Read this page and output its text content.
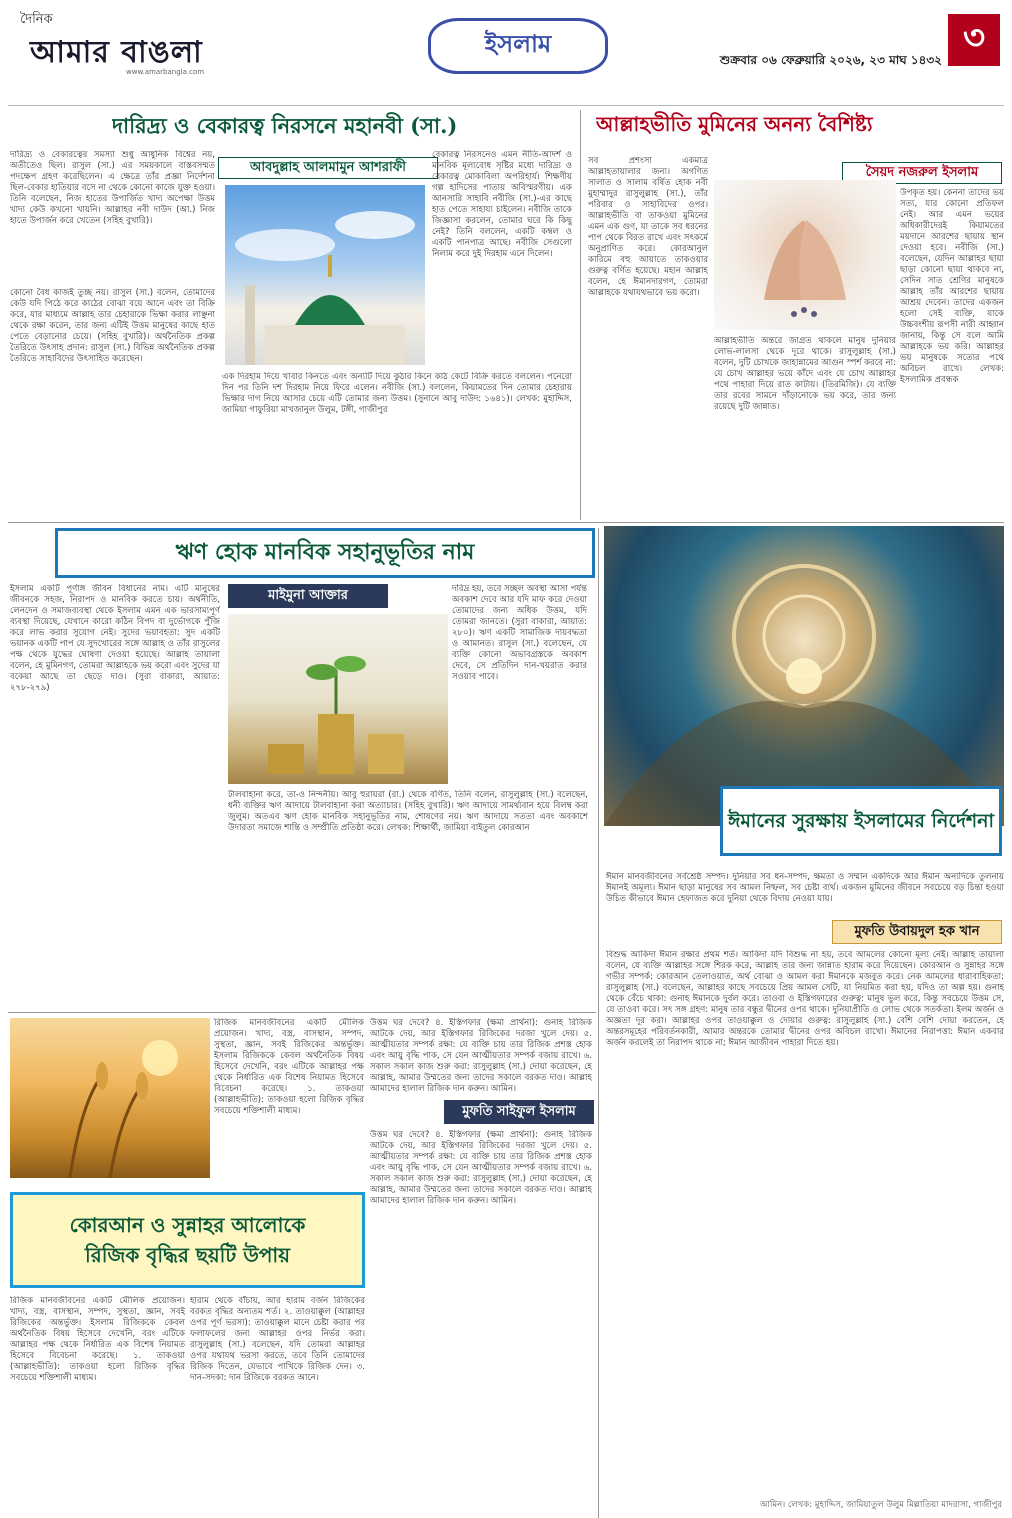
দৈনিক
আমার বাঙলা
www.amarbangla.com
ইসলাম
শুক্রবার ০৬ ফেব্রুয়ারি ২০২৬, ২৩ মাঘ ১৪৩২
৩
দারিদ্র্য ও বেকারত্ব নিরসনে মহানবী (সা.)
আবদুল্লাহ আলমামুন আশরাফী
দারিদ্র্য ও বেকারত্বের সমস্যা শুধু আধুনিক বিশ্বের নয়, অতীতেও ছিল। রাসুল (সা.) এর সময়কালে বাস্তবসম্মত পদক্ষেপ গ্রহণ করেছিলেন। এ ক্ষেত্রে তাঁর প্রজ্ঞা নির্দেশনা ছিল-বেকার হাতিয়ার বসে না থেকে কোনো কাজে যুক্ত হওয়া। তিনি বলেছেন, নিজ হাতের উপার্জিত খাদ্য অপেক্ষা উত্তম খাদ্য কেউ কখনো খায়নি। আল্লাহর নবী দাউদ (আ.) নিজ হাতে উপার্জন করে খেতেন (সহিহ বুখারি)।
কোনো বৈধ কাজই তুচ্ছ নয়। রাসুল (সা.) বলেন, তোমাদের কেউ যদি পিঠে করে কাঠের বোঝা বয়ে আনে এবং তা বিক্রি করে, যার মাধ্যমে আল্লাহ তার চেহারাকে ভিক্ষা করার লাঞ্ছনা থেকে রক্ষা করেন, তার জন্য এটিই উত্তম মানুষের কাছে হাত পেতে বেড়ানোর চেয়ে। (সহিহ বুখারি)। অর্থনৈতিক প্রকল্প তৈরিতে উৎসাহ প্রদান: রাসুল (সা.) বিভিন্ন অর্থনৈতিক প্রকল্প তৈরিতে সাহাবিদের উৎসাহিত করেছেন।
বেকারত্ব নিরসনেও এমন নীতি-আদর্শ ও মানবিক মূল্যবোধ সৃষ্টির মধ্যে দারিদ্র্য ও বেকারত্ব মোকাবিলা অপরিহার্য। শিক্ষণীয় গল্প হাদিসের পাতায় অবিস্মরণীয়। এক আনসারি সাহাবি নবীজি (সা.)-এর কাছে হাত পেতে সাহায্য চাইলেন। নবীজি তাকে জিজ্ঞাসা করলেন, তোমার ঘরে কি কিছু নেই? তিনি বললেন, একটি কম্বল ও একটি পানপাত্র আছে। নবীজি সেগুলো নিলাম করে দুই দিরহাম এনে দিলেন।
এক দিরহাম দিয়ে খাবার কিনতে এবং অন্যটি দিয়ে কুঠার কিনে কাঠ কেটে বিক্রি করতে বললেন। পনেরো দিন পর তিনি দশ দিরহাম নিয়ে ফিরে এলেন। নবীজি (সা.) বললেন, কিয়ামতের দিন তোমার চেহারায় ভিক্ষার দাগ নিয়ে আসার চেয়ে এটি তোমার জন্য উত্তম। (সুনানে আবু দাউদ: ১৬৪১)। লেখক: মুহাদ্দিস, জামিয়া গাফুরিয়া মাখজানুল উলুম, টঙ্গী, গাজীপুর
আল্লাহভীতি মুমিনের অনন্য বৈশিষ্ট্য
সৈয়দ নজরুল ইসলাম
সব প্রশংসা একমাত্র আল্লাহতায়ালার জন্য। অগণিত সালাত ও সালাম বর্ষিত হোক নবী মুহাম্মাদুর রাসুলুল্লাহ (সা.), তাঁর পরিবার ও সাহাবিদের ওপর। আল্লাহভীতি বা তাকওয়া মুমিনের এমন এক গুণ, যা তাকে সব ধরনের পাপ থেকে বিরত রাখে এবং সৎকর্মে অনুপ্রাণিত করে। কোরআনুল কারিমে বহু আয়াতে তাকওয়ার গুরুত্ব বর্ণিত হয়েছে। মহান আল্লাহ বলেন, হে ঈমানদারগণ, তোমরা আল্লাহকে যথাযথভাবে ভয় করো।
আল্লাহভীতি অন্তরে জাগ্রত থাকলে মানুষ দুনিয়ার লোভ-লালসা থেকে দূরে থাকে। রাসুলুল্লাহ (সা.) বলেন, দুটি চোখকে জাহান্নামের আগুন স্পর্শ করবে না: যে চোখ আল্লাহর ভয়ে কাঁদে এবং যে চোখ আল্লাহর পথে পাহারা দিয়ে রাত কাটায়। (তিরমিজি)। যে ব্যক্তি তার রবের সামনে দাঁড়ানোকে ভয় করে, তার জন্য রয়েছে দুটি জান্নাত।
উপকৃত হয়। কেননা তাদের ভয় সত্য, যার কোনো প্রতিফল নেই। আর এমন ভয়ের অধিকারীদেরই কিয়ামতের ময়দানে আরশের ছায়ায় স্থান দেওয়া হবে। নবীজি (সা.) বলেছেন, যেদিন আল্লাহর ছায়া ছাড়া কোনো ছায়া থাকবে না, সেদিন সাত শ্রেণির মানুষকে আল্লাহ তাঁর আরশের ছায়ায় আশ্রয় দেবেন। তাদের একজন হলো সেই ব্যক্তি, যাকে উচ্চবংশীয় রূপসী নারী আহ্বান জানায়, কিন্তু সে বলে আমি আল্লাহকে ভয় করি। আল্লাহর ভয় মানুষকে সত্যের পথে অবিচল রাখে। লেখক: ইসলামিক প্রবন্ধক
ঋণ হোক মানবিক সহানুভূতির নাম
মাইমুনা আক্তার
ইসলাম একটি পূর্ণাঙ্গ জীবন বিধানের নাম। এটি মানুষের জীবনকে সহজ, নিরাপদ ও মানবিক করতে চায়। অর্থনীতি, লেনদেন ও সমাজব্যবস্থা থেকে ইসলাম এমন এক ভারসাম্যপূর্ণ ব্যবস্থা দিয়েছে, যেখানে কারো কঠিন বিপদ বা দুর্ভোগকে পুঁজি করে লাভ করার সুযোগ নেই। সুদের ভয়াবহতা: সুদ একটি ভয়ানক একটি পাপ যে সুদখোরের সঙ্গে আল্লাহ ও তাঁর রাসুলের পক্ষ থেকে যুদ্ধের ঘোষণা দেওয়া হয়েছে। আল্লাহ তায়ালা বলেন, হে মুমিনগণ, তোমরা আল্লাহকে ভয় করো এবং সুদের যা বকেয়া আছে তা ছেড়ে দাও। (সুরা বাকারা, আয়াত: ২৭৮-২৭৯)
দরিদ্র হয়, তবে সচ্ছল অবস্থা আসা পর্যন্ত অবকাশ দেবে আর যদি মাফ করে দেওয়া তোমাদের জন্য অধিক উত্তম, যদি তোমরা জানতে। (সুরা বাকারা, আয়াত: ২৮০)। ঋণ একটি সামাজিক দায়বদ্ধতা ও আমানত। রাসুল (সা.) বলেছেন, যে ব্যক্তি কোনো অভাবগ্রস্তকে অবকাশ দেবে, সে প্রতিদিন দান-খয়রাত করার সওয়াব পাবে।
টালবাহানা করে, তা-ও নিন্দনীয়। আবু হুরায়রা (রা.) থেকে বর্ণিত, তিনি বলেন, রাসুলুল্লাহ (সা.) বলেছেন, ধনী ব্যক্তির ঋণ আদায়ে টালবাহানা করা অত্যাচার। (সহিহ বুখারি)। ঋণ আদায়ে সামর্থ্যবান হয়ে বিলম্ব করা জুলুম। অতএব ঋণ হোক মানবিক সহানুভূতির নাম, শোষণের নয়। ঋণ আদায়ে সততা এবং অবকাশে উদারতা সমাজে শান্তি ও সম্প্রীতি প্রতিষ্ঠা করে। লেখক: শিক্ষার্থী, জামিয়া বাইতুল কোরআন	ঈমানের সুরক্ষায় ইসলামের নির্দেশনা
ঈমান মানবজীবনের সর্বশ্রেষ্ঠ সম্পদ। দুনিয়ার সব ধন-সম্পদ, ক্ষমতা ও সম্মান একদিকে আর ঈমান অন্যদিকে তুলনায় ঈমানই অমূল্য। ঈমান ছাড়া মানুষের সব আমল নিষ্ফল, সব চেষ্টা ব্যর্থ। একজন মুমিনের জীবনে সবচেয়ে বড় চিন্তা হওয়া উচিত কীভাবে ঈমান হেফাজত করে দুনিয়া থেকে বিদায় নেওয়া যায়।
মুফতি উবায়দুল হক খান
বিশুদ্ধ আকিদা ঈমান রক্ষার প্রথম শর্ত। আকিদা যদি বিশুদ্ধ না হয়, তবে আমলের কোনো মূল্য নেই। আল্লাহ তায়ালা বলেন, যে ব্যক্তি আল্লাহর সঙ্গে শিরক করে, আল্লাহ তার জন্য জান্নাত হারাম করে দিয়েছেন। কোরআন ও সুন্নাহর সঙ্গে গভীর সম্পর্ক: কোরআন তেলাওয়াত, অর্থ বোঝা ও আমল করা ঈমানকে মজবুত করে। নেক আমলের ধারাবাহিকতা: রাসুলুল্লাহ (সা.) বলেছেন, আল্লাহর কাছে সবচেয়ে প্রিয় আমল সেটি, যা নিয়মিত করা হয়, যদিও তা অল্প হয়। গুনাহ থেকে বেঁচে থাকা: গুনাহ ঈমানকে দুর্বল করে। তাওবা ও ইস্তিগফারের গুরুত্ব: মানুষ ভুল করে, কিন্তু সবচেয়ে উত্তম সে, যে তাওবা করে। সৎ সঙ্গ গ্রহণ: মানুষ তার বন্ধুর দ্বীনের ওপর থাকে। দুনিয়াপ্রীতি ও লোভ থেকে সতর্কতা। ইলম অর্জন ও অজ্ঞতা দূর করা। আল্লাহর ওপর তাওয়াক্কুল ও দোয়ার গুরুত্ব: রাসুলুল্লাহ (সা.) বেশি বেশি দোয়া করতেন, হে অন্তরসমূহের পরিবর্তনকারী, আমার অন্তরকে তোমার দ্বীনের ওপর অবিচল রাখো। ঈমানের নিরাপত্তা: ঈমান একবার অর্জন করলেই তা নিরাপদ থাকে না; ঈমান আজীবন পাহারা দিতে হয়।
আমিন। লেখক: মুহাদ্দিস, জামিয়াতুল উলুম মিল্লাতিয়া মাদরাসা, গাজীপুর
রিজিক মানবজীবনের একটি মৌলিক প্রয়োজন। খাদ্য, বস্ত্র, বাসস্থান, সম্পদ, সুস্থতা, জ্ঞান, সবই রিজিকের অন্তর্ভুক্ত। ইসলাম রিজিককে কেবল অর্থনৈতিক বিষয় হিসেবে দেখেনি, বরং এটিকে আল্লাহর পক্ষ থেকে নির্ধারিত এক বিশেষ নিয়ামত হিসেবে বিবেচনা করেছে। ১. তাকওয়া (আল্লাহভীতি): তাকওয়া হলো রিজিক বৃদ্ধির সবচেয়ে শক্তিশালী মাধ্যম।	মুফতি সাইফুল ইসলাম
উত্তম ঘর দেবে? ৪. ইস্তিগফার (ক্ষমা প্রার্থনা): গুনাহ রিজিক আটকে দেয়, আর ইস্তিগফার রিজিকের দরজা খুলে দেয়। ৫. আত্মীয়তার সম্পর্ক রক্ষা: যে ব্যক্তি চায় তার রিজিক প্রশস্ত হোক এবং আয়ু বৃদ্ধি পাক, সে যেন আত্মীয়তার সম্পর্ক বজায় রাখে। ৬. সকাল সকাল কাজ শুরু করা: রাসুলুল্লাহ (সা.) দোয়া করেছেন, হে আল্লাহ, আমার উম্মতের জন্য তাদের সকালে বরকত দাও। আল্লাহ আমাদের হালাল রিজিক দান করুন। আমিন।
কোরআন ও সুন্নাহর আলোকে
রিজিক বৃদ্ধির ছয়টি উপায়
রিজিক মানবজীবনের একটি মৌলিক প্রয়োজন। খাদ্য, বস্ত্র, বাসস্থান, সম্পদ, সুস্থতা, জ্ঞান, সবই রিজিকের অন্তর্ভুক্ত। ইসলাম রিজিককে কেবল অর্থনৈতিক বিষয় হিসেবে দেখেনি, বরং এটিকে আল্লাহর পক্ষ থেকে নির্ধারিত এক বিশেষ নিয়ামত হিসেবে বিবেচনা করেছে। ১. তাকওয়া (আল্লাহভীতি): তাকওয়া হলো রিজিক বৃদ্ধির সবচেয়ে শক্তিশালী মাধ্যম।
হারাম থেকে বাঁচায়, আর হারাম বর্জন রিজিকের বরকত বৃদ্ধির অন্যতম শর্ত। ২. তাওয়াক্কুল (আল্লাহর ওপর পূর্ণ ভরসা): তাওয়াক্কুল মানে চেষ্টা করার পর ফলাফলের জন্য আল্লাহর ওপর নির্ভর করা। রাসুলুল্লাহ (সা.) বলেছেন, যদি তোমরা আল্লাহর ওপর যথাযথ ভরসা করতে, তবে তিনি তোমাদের রিজিক দিতেন, যেভাবে পাখিকে রিজিক দেন। ৩. দান-সদকা: দান রিজিকে বরকত আনে।
উত্তম ঘর দেবে? ৪. ইস্তিগফার (ক্ষমা প্রার্থনা): গুনাহ রিজিক আটকে দেয়, আর ইস্তিগফার রিজিকের দরজা খুলে দেয়। ৫. আত্মীয়তার সম্পর্ক রক্ষা: যে ব্যক্তি চায় তার রিজিক প্রশস্ত হোক এবং আয়ু বৃদ্ধি পাক, সে যেন আত্মীয়তার সম্পর্ক বজায় রাখে। ৬. সকাল সকাল কাজ শুরু করা: রাসুলুল্লাহ (সা.) দোয়া করেছেন, হে আল্লাহ, আমার উম্মতের জন্য তাদের সকালে বরকত দাও। আল্লাহ আমাদের হালাল রিজিক দান করুন। আমিন।
